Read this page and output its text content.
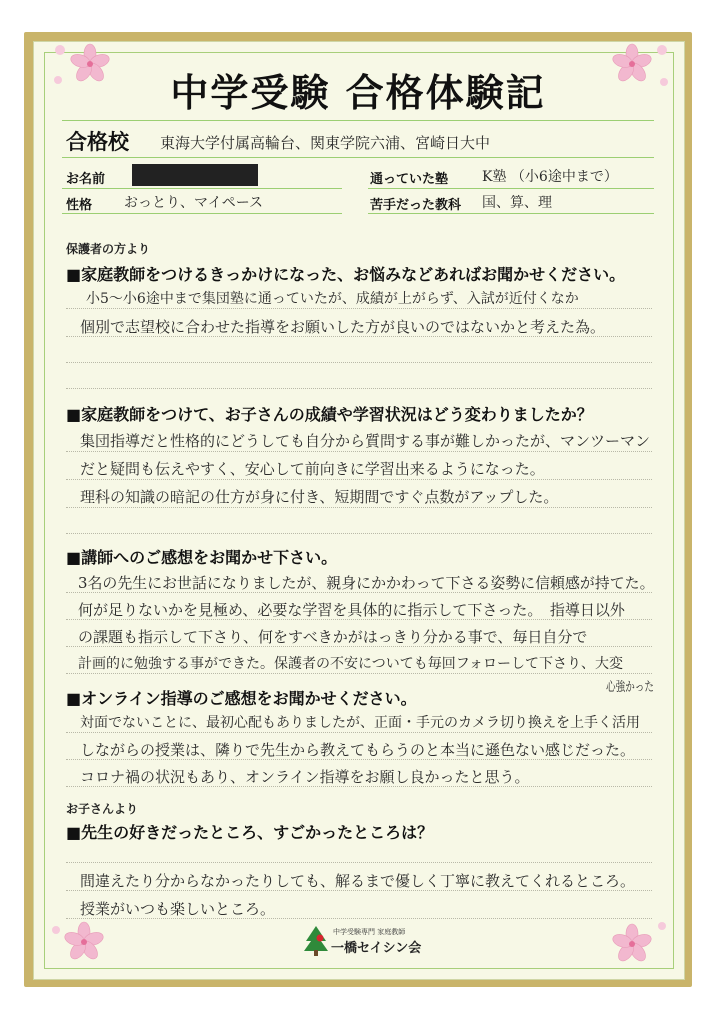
中学受験 合格体験記
合格校 東海大学付属高輪台、関東学院六浦、宮崎日大中
お名前
性格 おっとり、マイペース
通っていた塾 K塾 （小6途中まで）
苦手だった教科 国、算、理
保護者の方より
■家庭教師をつけるきっかけになった、お悩みなどあればお聞かせください。
小5～小6途中まで集団塾に通っていたが、成績が上がらず、入試が近付くなか
個別で志望校に合わせた指導をお願いした方が良いのではないかと考えた為。
■家庭教師をつけて、お子さんの成績や学習状況はどう変わりましたか？
集団指導だと性格的にどうしても自分から質問する事が難しかったが、マンツーマン
だと疑問も伝えやすく、安心して前向きに学習出来るようになった。
理科の知識の暗記の仕方が身に付き、短期間ですぐ点数がアップした。
■講師へのご感想をお聞かせ下さい。
3名の先生にお世話になりましたが、親身にかかわって下さる姿勢に信頼感が持てた。
何が足りないかを見極め、必要な学習を具体的に指示して下さった。　指導日以外
の課題も指示して下さり、何をすべきかがはっきり分かる事で、毎日自分で
計画的に勉強する事ができた。保護者の不安についても毎回フォローして下さり、大変
心強かった
■オンライン指導のご感想をお聞かせください。
対面でないことに、最初心配もありましたが、正面・手元のカメラ切り換えを上手く活用
しながらの授業は、隣りで先生から教えてもらうのと本当に遜色ない感じだった。
コロナ禍の状況もあり、オンライン指導をお願し良かったと思う。
お子さんより
■先生の好きだったところ、すごかったところは？
間違えたり分からなかったりしても、解るまで優しく丁寧に教えてくれるところ。
授業がいつも楽しいところ。
中学受験専門 家庭教師
一橋セイシン会
